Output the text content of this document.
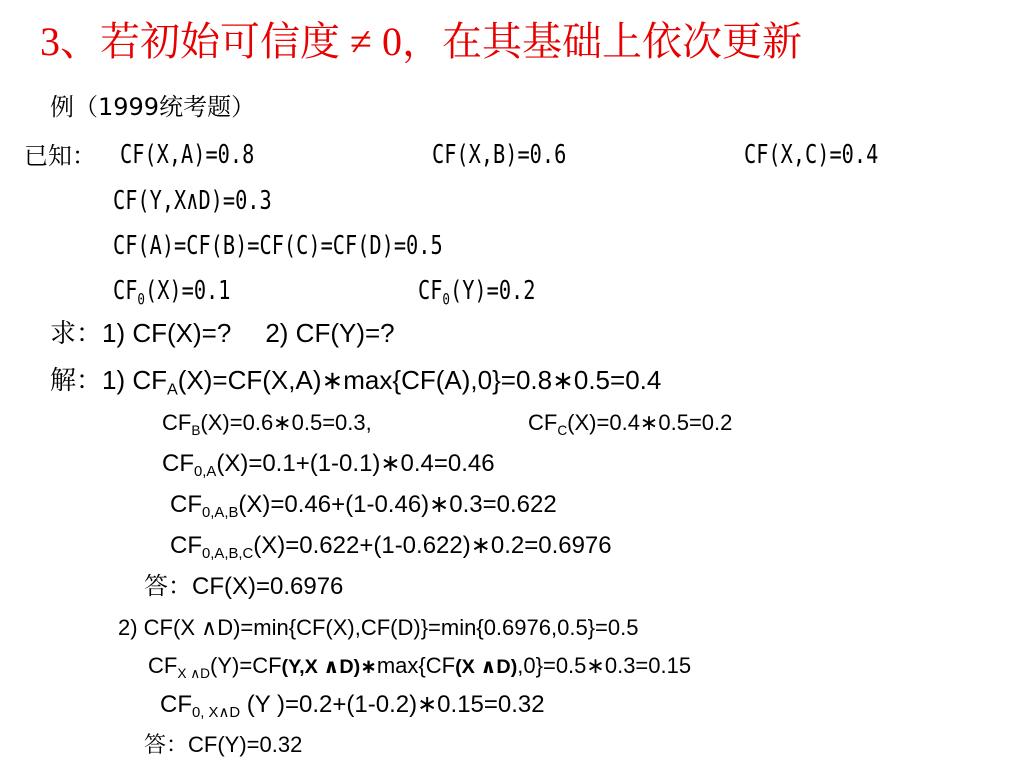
3、若初始可信度 ≠ 0，在其基础上依次更新
例（1999统考题）
已知： CF(X,A)=0.8	CF(X,B)=0.6	CF(X,C)=0.4
CF(Y,X∧D)=0.3
CF(A)=CF(B)=CF(C)=CF(D)=0.5
$CF_0(X)=0.1$	$CF_0(Y)=0.2$
求：1) CF(X)=? 2) CF(Y)=?
解：1) $CF_A(X)=CF(X,A)∗\max\{CF(A),0\}=0.8∗0.5=0.4$
$CF_B(X)=0.6∗0.5=0.3$,	$CF_C(X)=0.4∗0.5=0.2$
$CF_{0,A}(X)=0.1+(1-0.1)∗0.4=0.46$
$CF_{0,A,B}(X)=0.46+(1-0.46)∗0.3=0.622$
$CF_{0,A,B,C}(X)=0.622+(1-0.622)∗0.2=0.6976$
答：CF(X)=0.6976
2) CF(X ∧D)=min{CF(X),CF(D)}=min{0.6976,0.5}=0.5
$CF_{X \wedge D}(Y)=CF(Y,X$ ∧D)∗max{CF(X ∧D),0}=0.5∗0.3=0.15
$CF_{0, X\wedge D}$ (Y )=0.2+(1-0.2)∗0.15=0.32
答：CF(Y)=0.32
